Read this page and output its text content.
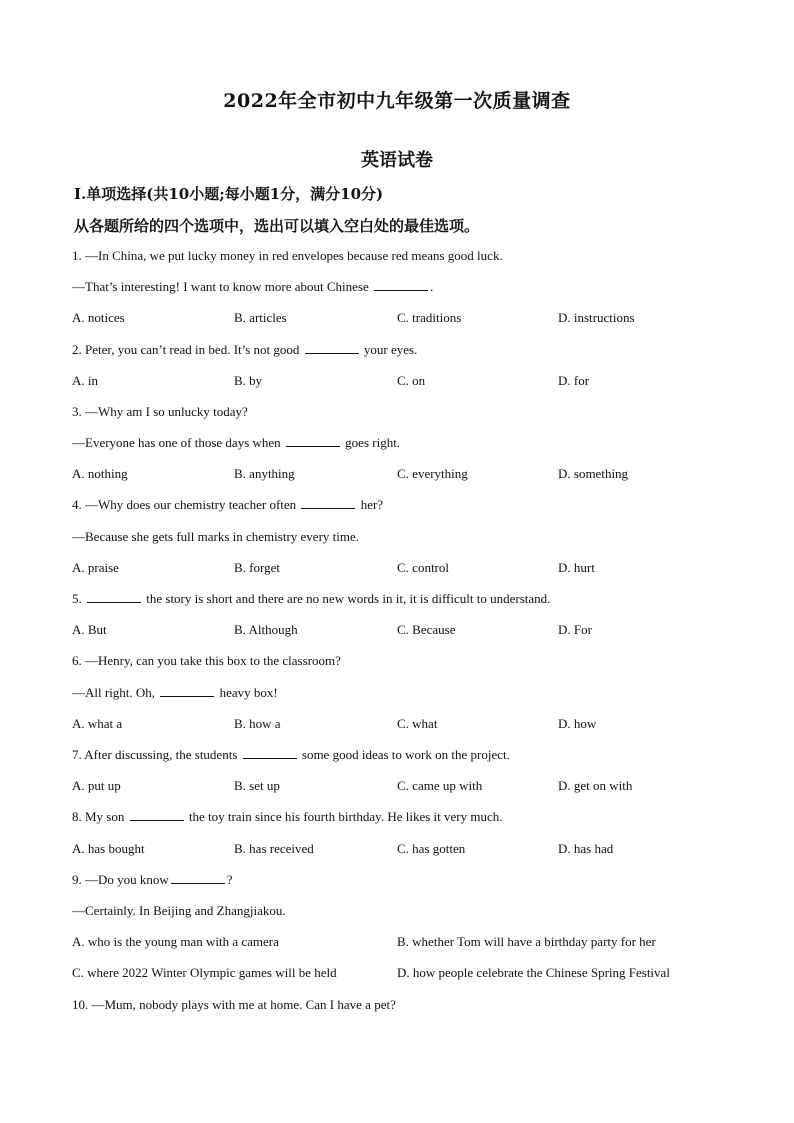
2022年全市初中九年级第一次质量调查
英语试卷
Ⅰ.单项选择(共10小题;每小题1分，满分10分)
从各题所给的四个选项中，选出可以填入空白处的最佳选项。
1. —In China, we put lucky money in red envelopes because red means good luck.
—That’s interesting! I want to know more about Chinese	.
A. notices	B. articles	C. traditions	D. instructions
2. Peter, you can’t read in bed. It’s not good	your eyes.
A. in	B. by	C. on	D. for
3. —Why am I so unlucky today?
—Everyone has one of those days when	goes right.
A. nothing	B. anything	C. everything	D. something
4. —Why does our chemistry teacher often	her?
—Because she gets full marks in chemistry every time.
A. praise	B. forget	C. control	D. hurt
5.	the story is short and there are no new words in it, it is difficult to understand.
A. But	B. Although	C. Because	D. For
6. —Henry, can you take this box to the classroom?
—All right. Oh,	heavy box!
A. what a	B. how a	C. what	D. how
7. After discussing, the students	some good ideas to work on the project.
A. put up	B. set up	C. came up with	D. get on with
8. My son	the toy train since his fourth birthday. He likes it very much.
A. has bought	B. has received	C. has gotten	D. has had
9. —Do you know	?
—Certainly. In Beijing and Zhangjiakou.
A. who is the young man with a camera	B. whether Tom will have a birthday party for her
C. where 2022 Winter Olympic games will be held	D. how people celebrate the Chinese Spring Festival
10. —Mum, nobody plays with me at home. Can I have a pet?
